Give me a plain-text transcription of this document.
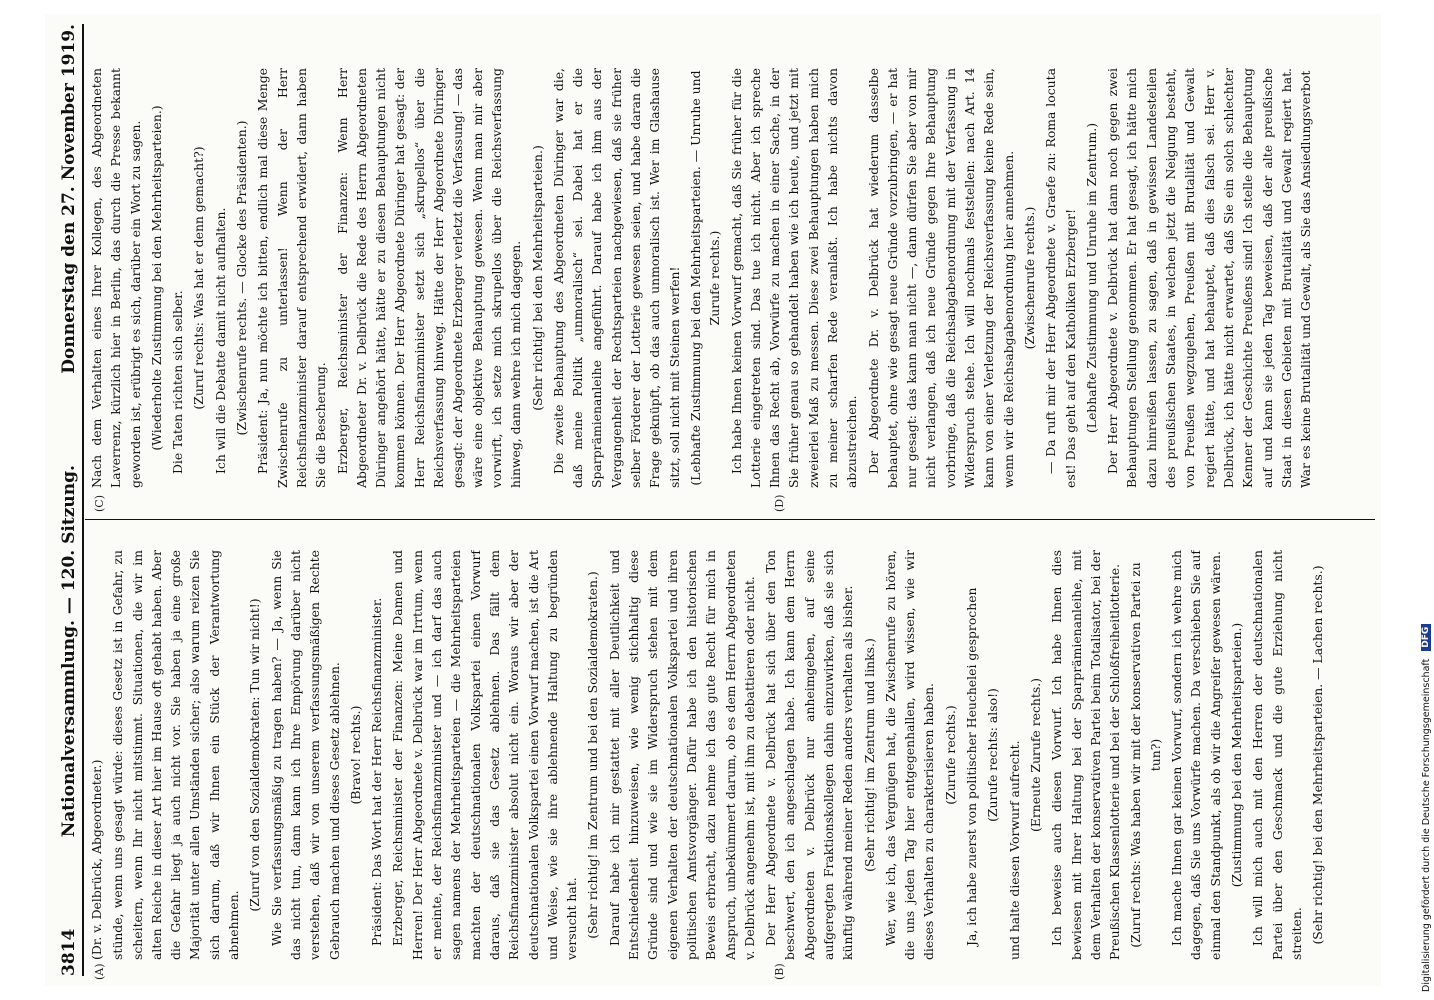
3814
Nationalversammlung. — 120. Sitzung.
Donnerstag den 27. November 1919.
(A)	(B)
(C)	(D)

(Dr. v. Delbrück, Abgeordneter.) stünde, wenn uns gesagt würde: dieses Gesetz ist in Gefahr, zu scheitern, wenn Ihr nicht mitstimmt. Situationen, die wir im alten Reiche in dieser Art hier im Hause oft gehabt haben. Aber die Gefahr liegt ja auch nicht vor. Sie haben ja eine große Majorität unter allen Umständen sicher; also warum reizen Sie sich darum, daß wir Ihnen ein Stück der Verantwortung abnehmen.

(Zuruf von den Sozialdemokraten: Tun wir nicht!) Wie Sie verfassungsmäßig zu tragen haben? — Ja, wenn Sie das nicht tun, dann kann ich Ihre Empörung darüber nicht verstehen, daß wir von unserem verfassungsmäßigen Rechte Gebrauch machen und dieses Gesetz ablehnen. (Bravo! rechts.) Präsident: Das Wort hat der Herr Reichsfinanzminister. Erzberger, Reichsminister der Finanzen: Meine Damen und Herren! Der Herr Abgeordnete v. Delbrück war im Irrtum, wenn er meinte, der Reichsfinanzminister und — ich darf das auch sagen namens der Mehrheitsparteien — die Mehrheitsparteien machten der deutschnationalen Volkspartei einen Vorwurf daraus, daß sie das Gesetz ablehnen. Das fällt dem Reichsfinanzminister absolut nicht ein. Woraus wir aber der deutschnationalen Volkspartei einen Vorwurf machen, ist die Art und Weise, wie sie ihre ablehnende Haltung zu begründen versucht hat. (Sehr richtig! im Zentrum und bei den Sozialdemokraten.) Darauf habe ich mir gestattet mit aller Deutlichkeit und Entschiedenheit hinzuweisen, wie wenig stichhaltig diese Gründe sind und wie sie im Widerspruch stehen mit dem eigenen Verhalten der deutschnationalen Volkspartei und ihren politischen Amtsvorgänger. Dafür habe ich den historischen Beweis erbracht, dazu nehme ich das gute Recht für mich in Anspruch, unbekümmert darum, ob es dem Herrn Abgeordneten v. Delbrück angenehm ist, mit ihm zu debattieren oder nicht. Der Herr Abgeordnete v. Delbrück hat sich über den Ton beschwert, den ich angeschlagen habe. Ich kann dem Herrn Abgeordneten v. Delbrück nur anheimgeben, auf seine aufgeregten Fraktionskollegen dahin einzuwirken, daß sie sich künftig während meiner Reden anders verhalten als bisher. (Sehr richtig! im Zentrum und links.) Wer, wie ich, das Vergnügen hat, die Zwischenrufe zu hören, die uns jeden Tag hier entgegenhallen, wird wissen, wie wir dieses Verhalten zu charakterisieren haben. (Zurufe rechts.) Ja, ich habe zuerst von politischer Heuchelei gesprochen (Zurufe rechts: also!) und halte diesen Vorwurf aufrecht. (Erneute Zurufe rechts.) Ich beweise auch diesen Vorwurf. Ich habe Ihnen dies bewiesen mit Ihrer Haltung bei der Sparprämienanleihe, mit dem Verhalten der konservativen Partei beim Totalisator, bei der Preußischen Klassenlotterie und bei der Schloßfreiheitlotterie. (Zuruf rechts: Was haben wir mit der konservativen Partei zu tun?) Ich mache Ihnen gar keinen Vorwurf, sondern ich wehre mich dagegen, daß Sie uns Vorwürfe machen. Da verschieben Sie auf einmal den Standpunkt, als ob wir die Angreifer gewesen wären. (Zustimmung bei den Mehrheitsparteien.) Ich will mich auch mit den Herren der deutschnationalen Partei über den Geschmack und die gute Erziehung nicht streiten. (Sehr richtig! bei den Mehrheitsparteien. — Lachen rechts.)

Nach dem Verhalten eines Ihrer Kollegen, des Abgeordneten Laverrenz, kürzlich hier in Berlin, das durch die Presse bekannt geworden ist, erübrigt es sich, darüber ein Wort zu sagen. (Wiederholte Zustimmung bei den Mehrheitsparteien.) Die Taten richten sich selber. (Zuruf rechts: Was hat er denn gemacht?) Ich will die Debatte damit nicht aufhalten. (Zwischenrufe rechts. — Glocke des Präsidenten.) Präsident: Ja, nun möchte ich bitten, endlich mal diese Menge Zwischenrufe zu unterlassen! Wenn der Herr Reichsfinanzminister darauf entsprechend erwidert, dann haben Sie die Bescherung. Erzberger, Reichsminister der Finanzen: Wenn Herr Abgeordneter Dr. v. Delbrück die Rede des Herrn Abgeordneten Düringer angehört hätte, hätte er zu diesen Behauptungen nicht kommen können. Der Herr Abgeordnete Düringer hat gesagt: der Herr Reichsfinanzminister setzt sich „skrupellos“ über die Reichsverfassung hinweg. Hätte der Herr Abgeordnete Düringer gesagt: der Abgeordnete Erzberger verletzt die Verfassung! — das wäre eine objektive Behauptung gewesen. Wenn man mir aber vorwirft, ich setze mich skrupellos über die Reichsverfassung hinweg, dann wehre ich mich dagegen. (Sehr richtig! bei den Mehrheitsparteien.) Die zweite Behauptung des Abgeordneten Düringer war die, daß meine Politik „unmoralisch“ sei. Dabei hat er die Sparprämienanleihe angeführt. Darauf habe ich ihm aus der Vergangenheit der Rechtsparteien nachgewiesen, daß sie früher selber Förderer der Lotterie gewesen seien, und habe daran die Frage geknüpft, ob das auch unmoralisch ist. Wer im Glashause sitzt, soll nicht mit Steinen werfen! (Lebhafte Zustimmung bei den Mehrheitsparteien. — Unruhe und Zurufe rechts.) Ich habe Ihnen keinen Vorwurf gemacht, daß Sie früher für die Lotterie eingetreten sind. Das tue ich nicht. Aber ich spreche Ihnen das Recht ab, Vorwürfe zu machen in einer Sache, in der Sie früher genau so gehandelt haben wie ich heute, und jetzt mit zweierlei Maß zu messen. Diese zwei Behauptungen haben mich zu meiner scharfen Rede veranlaßt. Ich habe nichts davon abzustreichen. Der Abgeordnete Dr. v. Delbrück hat wiederum dasselbe behauptet, ohne wie gesagt neue Gründe vorzubringen, — er hat nur gesagt: das kann man nicht —, dann dürfen Sie aber von mir nicht verlangen, daß ich neue Gründe gegen Ihre Behauptung vorbringe, daß die Reichsabgabenordnung mit der Verfassung in Widerspruch stehe. Ich will nochmals feststellen: nach Art. 14 kann von einer Verletzung der Reichsverfassung keine Rede sein, wenn wir die Reichsabgabenordnung hier annehmen. (Zwischenrufe rechts.) — Da ruft mir der Herr Abgeordnete v. Graefe zu: Roma locuta est! Das geht auf den Katholiken Erzberger! (Lebhafte Zustimmung und Unruhe im Zentrum.) Der Herr Abgeordnete v. Delbrück hat dann noch gegen zwei Behauptungen Stellung genommen. Er hat gesagt, ich hätte mich dazu hinreißen lassen, zu sagen, daß in gewissen Landesteilen des preußischen Staates, in welchen jetzt die Neigung besteht, von Preußen wegzugehen, Preußen mit Brutalität und Gewalt regiert hätte, und hat behauptet, daß dies falsch sei. Herr v. Delbrück, ich hätte nicht erwartet, daß Sie ein solch schlechter Kenner der Geschichte Preußens sind! Ich stelle die Behauptung auf und kann sie jeden Tag beweisen, daß der alte preußische Staat in diesen Gebieten mit Brutalität und Gewalt regiert hat. War es keine Brutalität und Gewalt, als Sie das Ansiedlungsverbot

Digitalisierung gefördert durch die Deutsche Forschungsgemeinschaft
DFG
